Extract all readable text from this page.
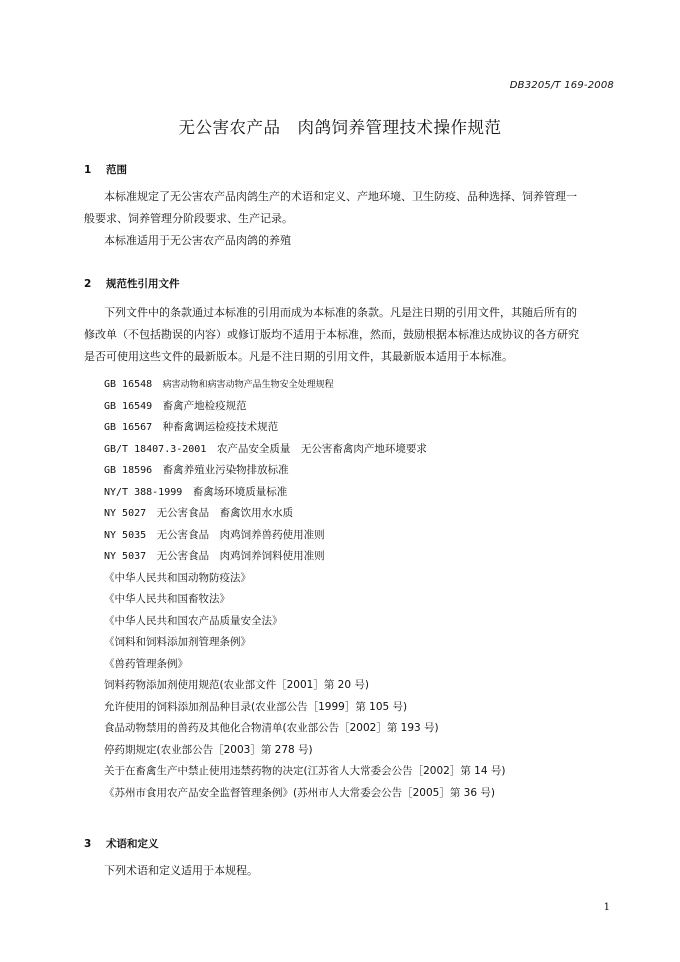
DB3205/T 169-2008
无公害农产品　肉鸽饲养管理技术操作规范
1 范围
本标准规定了无公害农产品肉鸽生产的术语和定义、产地环境、卫生防疫、品种选择、饲养管理一
般要求、饲养管理分阶段要求、生产记录。
本标准适用于无公害农产品肉鸽的养殖
2 规范性引用文件
下列文件中的条款通过本标准的引用而成为本标准的条款。凡是注日期的引用文件，其随后所有的
修改单（不包括勘误的内容）或修订版均不适用于本标准，然而，鼓励根据本标准达成协议的各方研究
是否可使用这些文件的最新版本。凡是不注日期的引用文件，其最新版本适用于本标准。
GB 16548  病害动物和病害动物产品生物安全处理规程
GB 16549  畜禽产地检疫规范
GB 16567  种畜禽调运检疫技术规范
GB/T 18407.3-2001  农产品安全质量　无公害畜禽肉产地环境要求
GB 18596  畜禽养殖业污染物排放标准
NY/T 388-1999  畜禽场环境质量标准
NY 5027  无公害食品　畜禽饮用水水质
NY 5035  无公害食品　肉鸡饲养兽药使用准则
NY 5037  无公害食品　肉鸡饲养饲料使用准则
《中华人民共和国动物防疫法》
《中华人民共和国畜牧法》
《中华人民共和国农产品质量安全法》
《饲料和饲料添加剂管理条例》
《兽药管理条例》
饲料药物添加剂使用规范(农业部文件［2001］第 20 号)
允许使用的饲料添加剂品种目录(农业部公告［1999］第 105 号)
食品动物禁用的兽药及其他化合物清单(农业部公告［2002］第 193 号)
停药期规定(农业部公告［2003］第 278 号)
关于在畜禽生产中禁止使用违禁药物的决定(江苏省人大常委会公告［2002］第 14 号)
《苏州市食用农产品安全监督管理条例》(苏州市人大常委会公告［2005］第 36 号)
3 术语和定义
下列术语和定义适用于本规程。
1
